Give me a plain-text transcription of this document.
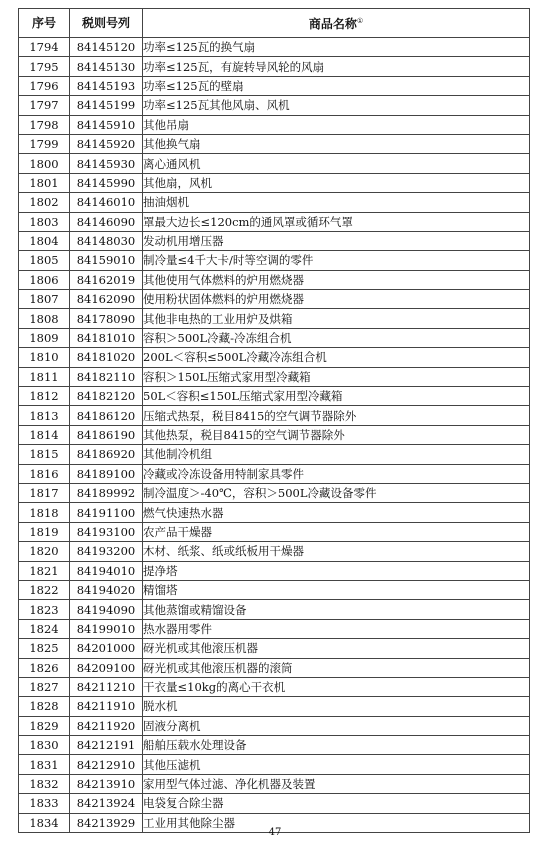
序号	税则号列	商品名称①
1794	84145120	功率≤125瓦的换气扇
1795	84145130	功率≤125瓦，有旋转导风轮的风扇
1796	84145193	功率≤125瓦的壁扇
1797	84145199	功率≤125瓦其他风扇、风机
1798	84145910	其他吊扇
1799	84145920	其他换气扇
1800	84145930	离心通风机
1801	84145990	其他扇，风机
1802	84146010	抽油烟机
1803	84146090	罩最大边长≤120cm的通风罩或循环气罩
1804	84148030	发动机用增压器
1805	84159010	制冷量≤4千大卡/时等空调的零件
1806	84162019	其他使用气体燃料的炉用燃烧器
1807	84162090	使用粉状固体燃料的炉用燃烧器
1808	84178090	其他非电热的工业用炉及烘箱
1809	84181010	容积＞500L冷藏-冷冻组合机
1810	84181020	200L＜容积≤500L冷藏冷冻组合机
1811	84182110	容积＞150L压缩式家用型冷藏箱
1812	84182120	50L＜容积≤150L压缩式家用型冷藏箱
1813	84186120	压缩式热泵，税目8415的空气调节器除外
1814	84186190	其他热泵，税目8415的空气调节器除外
1815	84186920	其他制冷机组
1816	84189100	冷藏或冷冻设备用特制家具零件
1817	84189992	制冷温度＞-40℃，容积＞500L冷藏设备零件
1818	84191100	燃气快速热水器
1819	84193100	农产品干燥器
1820	84193200	木材、纸浆、纸或纸板用干燥器
1821	84194010	提净塔
1822	84194020	精馏塔
1823	84194090	其他蒸馏或精馏设备
1824	84199010	热水器用零件
1825	84201000	砑光机或其他滚压机器
1826	84209100	砑光机或其他滚压机器的滚筒
1827	84211210	干衣量≤10kg的离心干衣机
1828	84211910	脱水机
1829	84211920	固液分离机
1830	84212191	船舶压载水处理设备
1831	84212910	其他压滤机
1832	84213910	家用型气体过滤、净化机器及装置
1833	84213924	电袋复合除尘器
1834	84213929	工业用其他除尘器
47
